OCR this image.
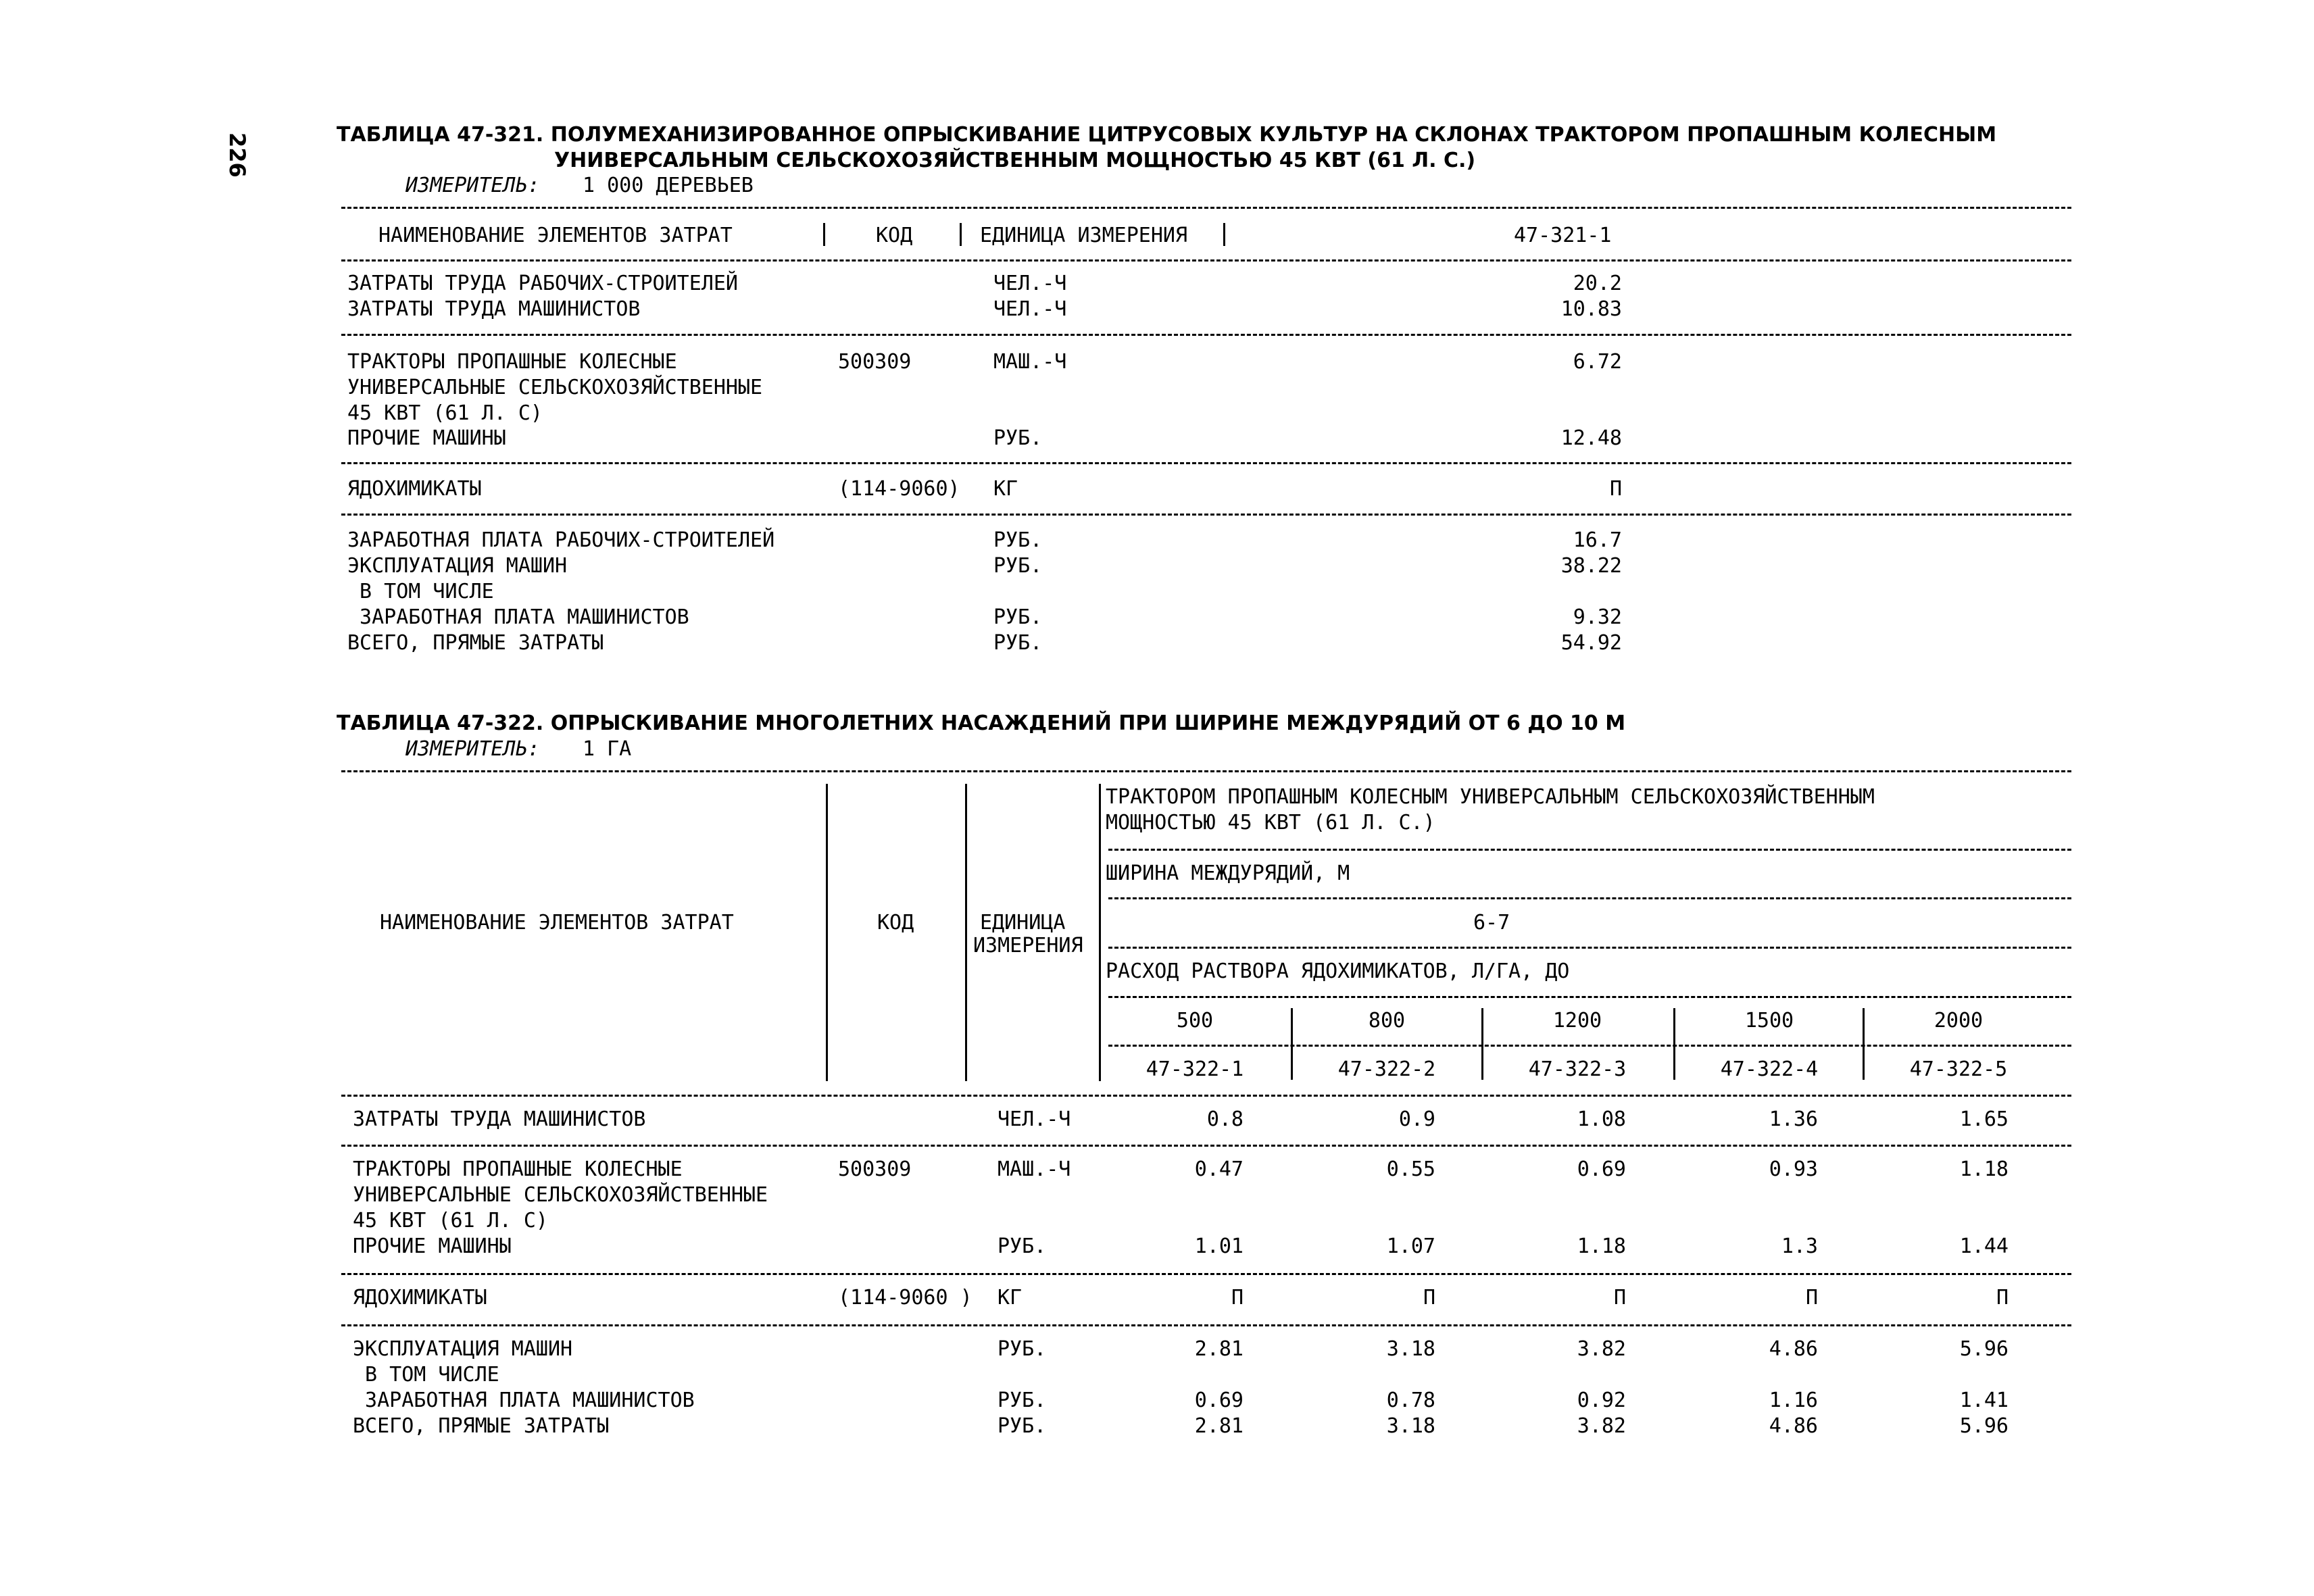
226	ТАБЛИЦА 47-321. ПОЛУМЕХАНИЗИРОВАННОЕ ОПРЫСКИВАНИЕ ЦИТРУСОВЫХ КУЛЬТУР НА СКЛОНАХ ТРАКТОРОМ ПРОПАШНЫМ КОЛЕСНЫМ
УНИВЕРСАЛЬНЫМ СЕЛЬСКОХОЗЯЙСТВЕННЫМ МОЩНОСТЬЮ 45 КВТ (61 Л. С.)
ИЗМЕРИТЕЛЬ: 1 000 ДЕРЕВЬЕВ
НАИМЕНОВАНИЕ ЭЛЕМЕНТОВ ЗАТРАТ	КОД	ЕДИНИЦА ИЗМЕРЕНИЯ	47-321-1
ЗАТРАТЫ ТРУДА РАБОЧИХ-СТРОИТЕЛЕЙ	ЧЕЛ.-Ч	20.2
ЗАТРАТЫ ТРУДА МАШИНИСТОВ	ЧЕЛ.-Ч	10.83
ТРАКТОРЫ ПРОПАШНЫЕ КОЛЕСНЫЕ	500309	МАШ.-Ч	6.72
УНИВЕРСАЛЬНЫЕ СЕЛЬСКОХОЗЯЙСТВЕННЫЕ
45 КВТ (61 Л. С)
ПРОЧИЕ МАШИНЫ	РУБ.	12.48
ЯДОХИМИКАТЫ	(114-9060) КГ	П
ЗАРАБОТНАЯ ПЛАТА РАБОЧИХ-СТРОИТЕЛЕЙ	РУБ.	16.7
ЭКСПЛУАТАЦИЯ МАШИН	РУБ.	38.22
В ТОМ ЧИСЛЕ
ЗАРАБОТНАЯ ПЛАТА МАШИНИСТОВ	РУБ.	9.32
ВСЕГО, ПРЯМЫЕ ЗАТРАТЫ	РУБ.	54.92
ТАБЛИЦА 47-322. ОПРЫСКИВАНИЕ МНОГОЛЕТНИХ НАСАЖДЕНИЙ ПРИ ШИРИНЕ МЕЖДУРЯДИЙ ОТ 6 ДО 10 М
ИЗМЕРИТЕЛЬ: 1 ГА
НАИМЕНОВАНИЕ ЭЛЕМЕНТОВ ЗАТРАТ	КОД	ЕДИНИЦА
ИЗМЕРЕНИЯ
ТРАКТОРОМ ПРОПАШНЫМ КОЛЕСНЫМ УНИВЕРСАЛЬНЫМ СЕЛЬСКОХОЗЯЙСТВЕННЫМ
МОЩНОСТЬЮ 45 КВТ (61 Л. С.)
ШИРИНА МЕЖДУРЯДИЙ, М
6-7
РАСХОД РАСТВОРА ЯДОХИМИКАТОВ, Л/ГА, ДО
500	800	1200	1500	2000
47-322-1	47-322-2	47-322-3	47-322-4	47-322-5
ЗАТРАТЫ ТРУДА МАШИНИСТОВ	ЧЕЛ.-Ч	0.8	0.9	1.08	1.36	1.65
ТРАКТОРЫ ПРОПАШНЫЕ КОЛЕСНЫЕ	500309	МАШ.-Ч	0.47	0.55	0.69	0.93	1.18
УНИВЕРСАЛЬНЫЕ СЕЛЬСКОХОЗЯЙСТВЕННЫЕ
45 КВТ (61 Л. С)
ПРОЧИЕ МАШИНЫ	РУБ.	1.01	1.07	1.18	1.3	1.44
ЯДОХИМИКАТЫ	(114-9060 ) КГ	П	П	П	П	П
ЭКСПЛУАТАЦИЯ МАШИН	РУБ.	2.81	3.18	3.82	4.86	5.96
В ТОМ ЧИСЛЕ
ЗАРАБОТНАЯ ПЛАТА МАШИНИСТОВ	РУБ.	0.69	0.78	0.92	1.16	1.41
ВСЕГО, ПРЯМЫЕ ЗАТРАТЫ	РУБ.	2.81	3.18	3.82	4.86	5.96
